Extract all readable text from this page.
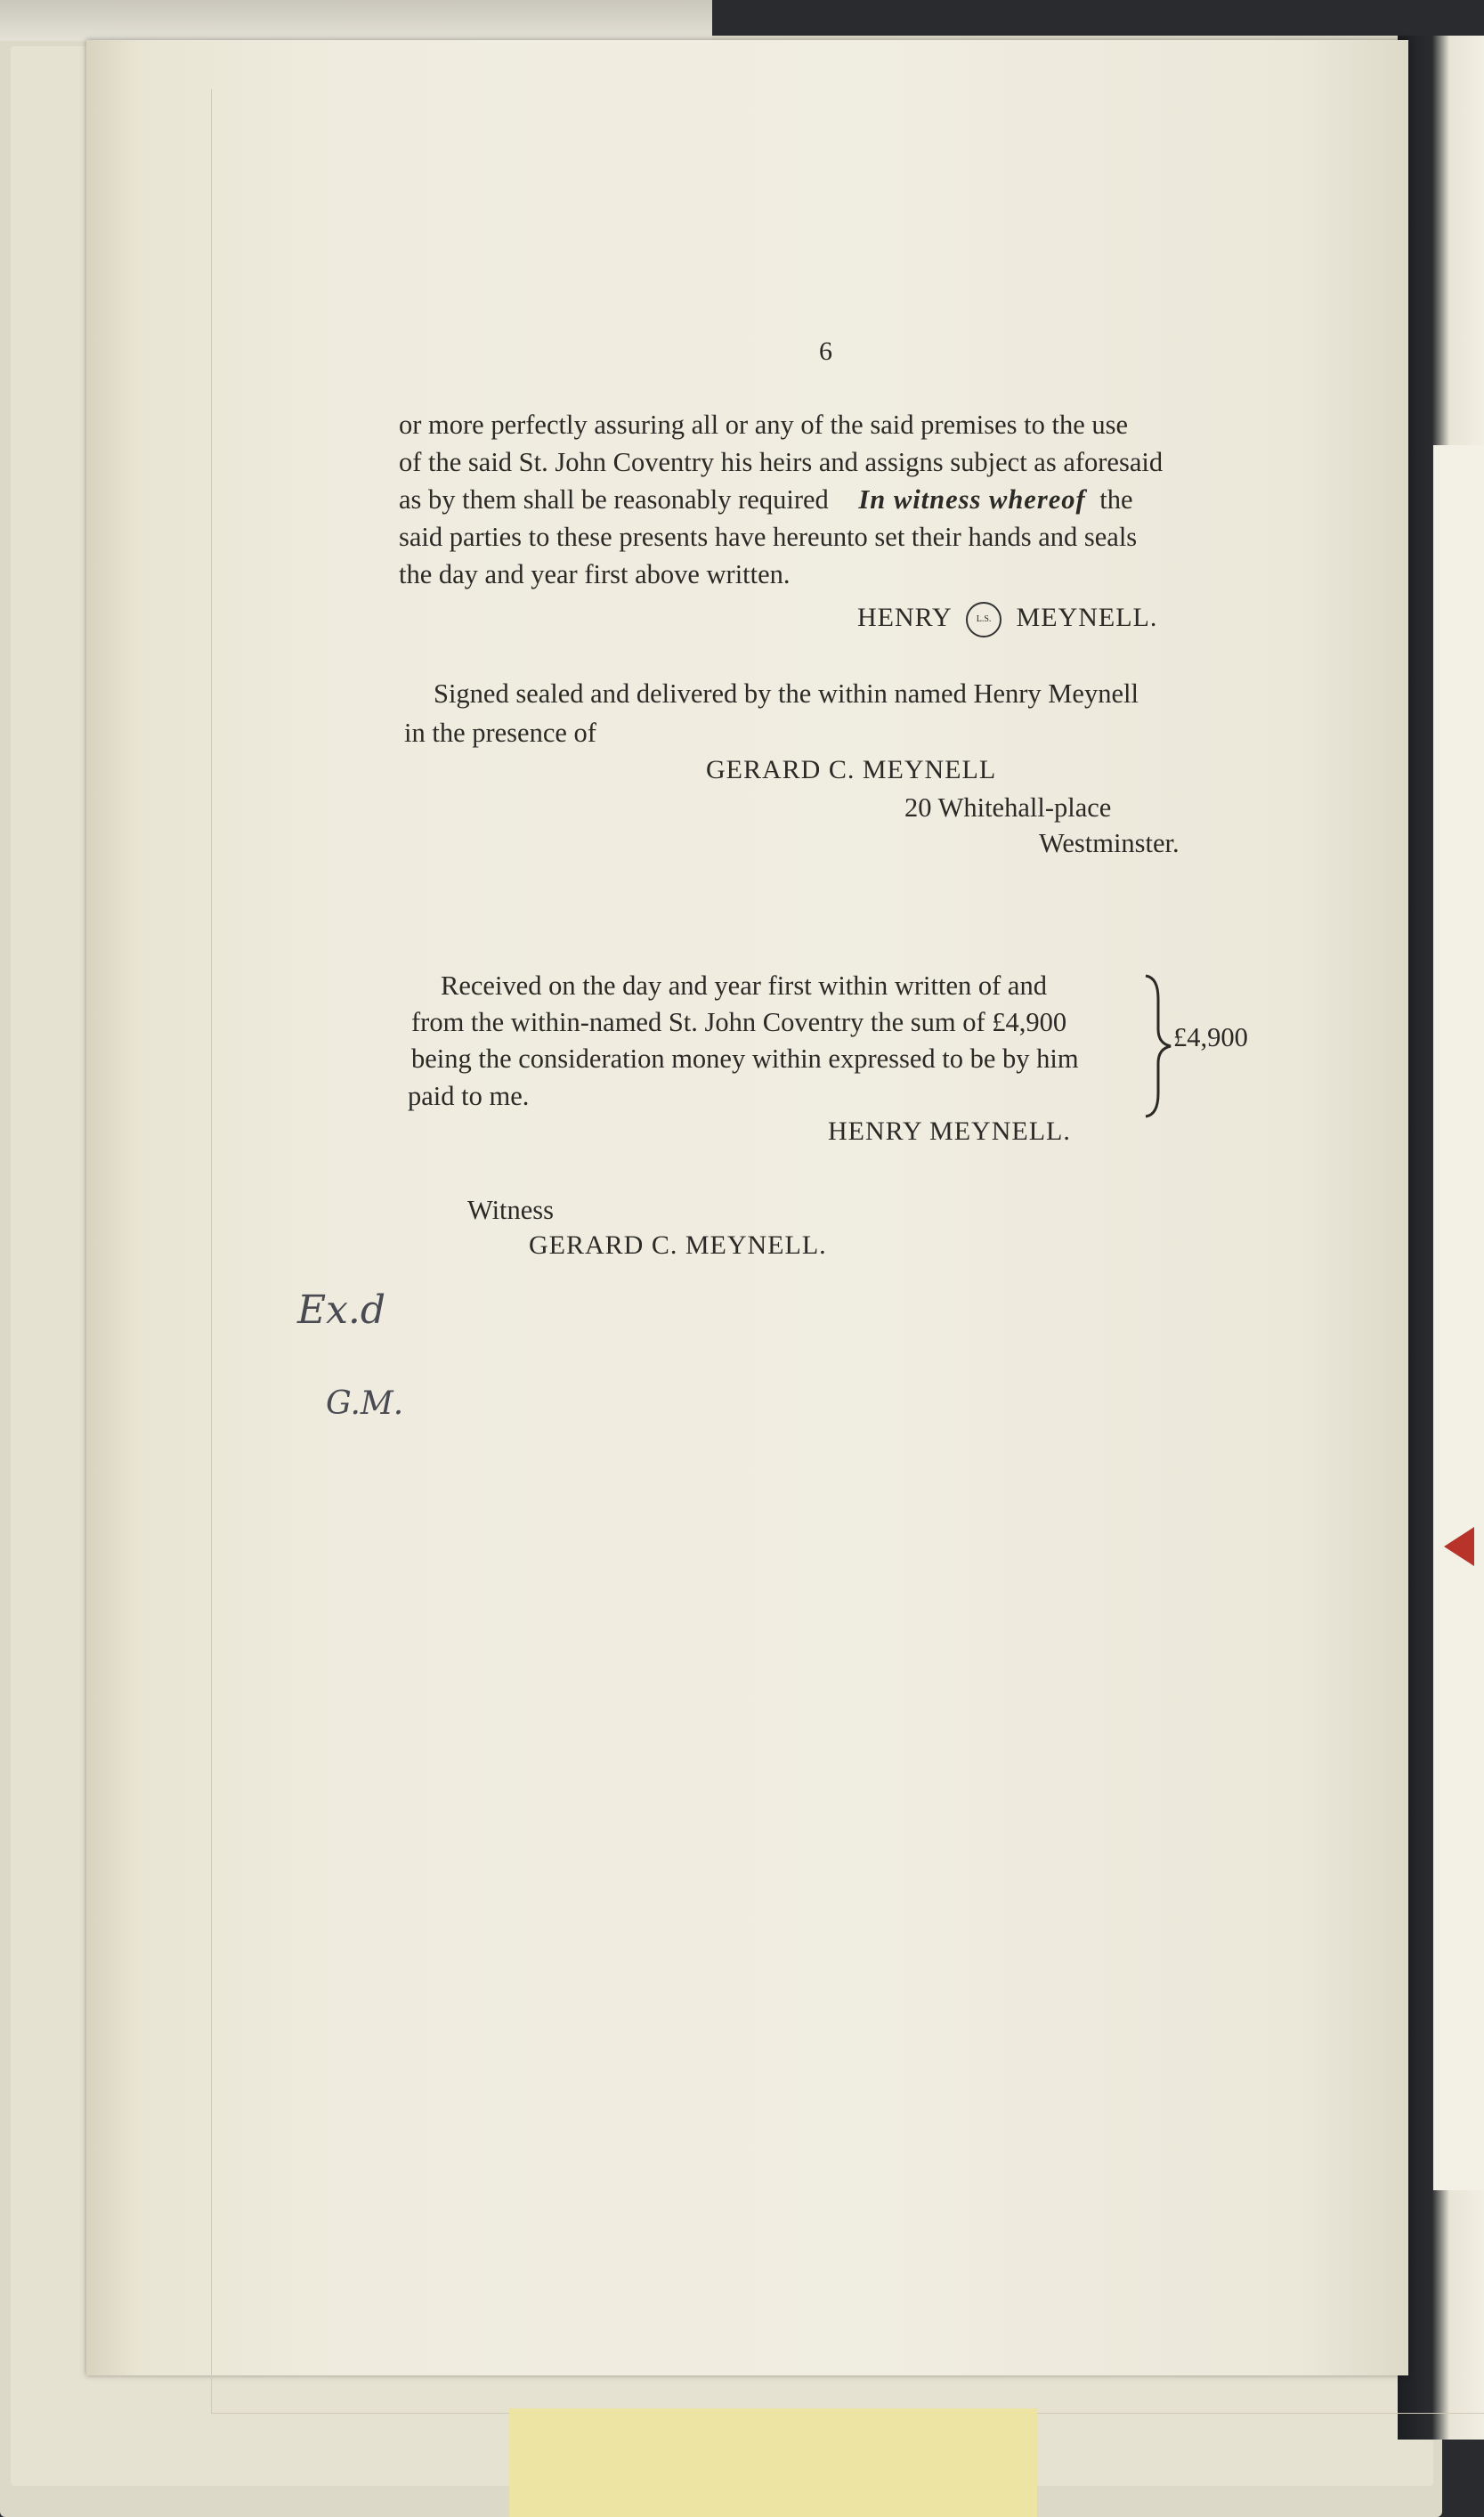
6
or more perfectly assuring all or any of the said premises to the use
of the said St. John Coventry his heirs and assigns subject as aforesaid
as by them shall be reasonably required In witness whereof the
said parties to these presents have hereunto set their hands and seals
the day and year first above written.
HENRY	L.S. MEYNELL.
Signed sealed and delivered by the within named Henry Meynell
in the presence of
GERARD C. MEYNELL
20 Whitehall-place
Westminster.
Received on the day and year first within written of and
from the within-named St. John Coventry the sum of £4,900
being the consideration money within expressed to be by him
paid to me.
£4,900
HENRY MEYNELL.
Witness
GERARD C. MEYNELL.
Ex.d
G.M.
